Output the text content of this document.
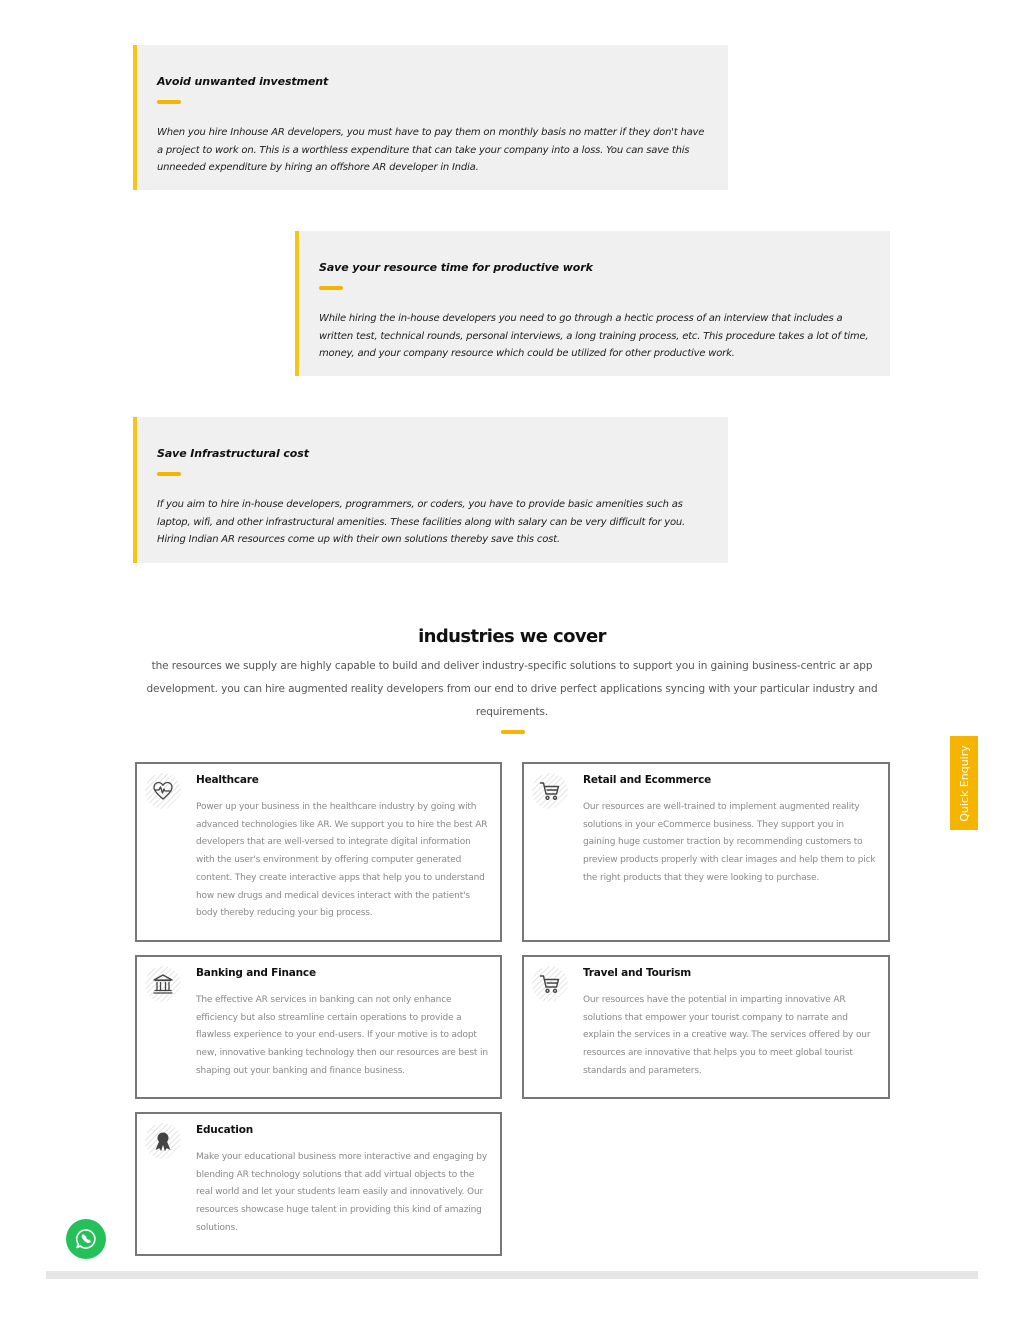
Avoid unwanted investment

When you hire Inhouse AR developers, you must have to pay them on monthly basis no matter if they don't have a project to work on. This is a worthless expenditure that can take your company into a loss. You can save this unneeded expenditure by hiring an offshore AR developer in India.

Save your resource time for productive work

While hiring the in-house developers you need to go through a hectic process of an interview that includes a written test, technical rounds, personal interviews, a long training process, etc. This procedure takes a lot of time, money, and your company resource which could be utilized for other productive work.

Save Infrastructural cost

If you aim to hire in-house developers, programmers, or coders, you have to provide basic amenities such as laptop, wifi, and other infrastructural amenities. These facilities along with salary can be very difficult for you. Hiring Indian AR resources come up with their own solutions thereby save this cost.

industries we cover

the resources we supply are highly capable to build and deliver industry-specific solutions to support you in gaining business-centric ar app development. you can hire augmented reality developers from our end to drive perfect applications syncing with your particular industry and requirements.

Healthcare

Power up your business in the healthcare industry by going with advanced technologies like AR. We support you to hire the best AR developers that are well-versed to integrate digital information with the user's environment by offering computer generated content. They create interactive apps that help you to understand how new drugs and medical devices interact with the patient's body thereby reducing your big process.

Retail and Ecommerce

Our resources are well-trained to implement augmented reality solutions in your eCommerce business. They support you in gaining huge customer traction by recommending customers to preview products properly with clear images and help them to pick the right products that they were looking to purchase.

Banking and Finance

The effective AR services in banking can not only enhance efficiency but also streamline certain operations to provide a flawless experience to your end-users. If your motive is to adopt new, innovative banking technology then our resources are best in shaping out your banking and finance business.

Travel and Tourism

Our resources have the potential in imparting innovative AR solutions that empower your tourist company to narrate and explain the services in a creative way. The services offered by our resources are innovative that helps you to meet global tourist standards and parameters.

Education

Make your educational business more interactive and engaging by blending AR technology solutions that add virtual objects to the real world and let your students learn easily and innovatively. Our resources showcase huge talent in providing this kind of amazing solutions.

Quick Enquiry
